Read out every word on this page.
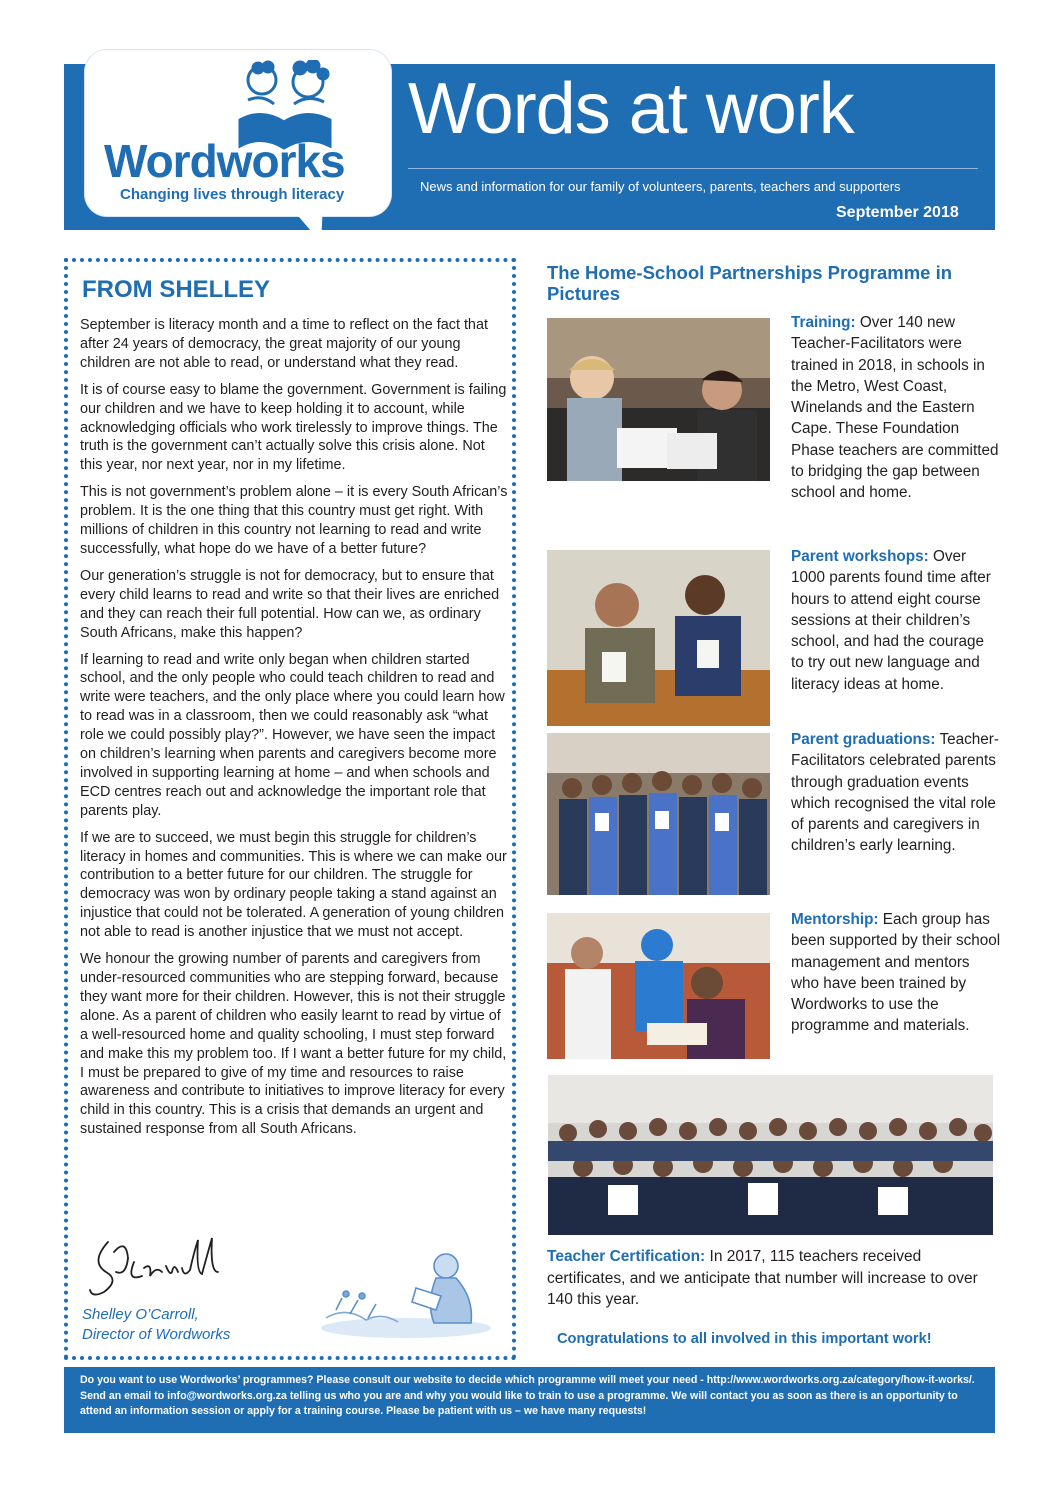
Wordworks
Changing lives through literacy
Words at work
News and information for our family of volunteers, parents, teachers and supporters
September 2018
FROM SHELLEY

September is literacy month and a time to reflect on the fact that after 24 years of democracy, the great majority of our young children are not able to read, or understand what they read.

It is of course easy to blame the government. Government is failing our children and we have to keep holding it to account, while acknowledging officials who work tirelessly to improve things. The truth is the government can’t actually solve this crisis alone. Not this year, nor next year, nor in my lifetime.

This is not government’s problem alone – it is every South African’s problem. It is the one thing that this country must get right. With millions of children in this country not learning to read and write successfully, what hope do we have of a better future?

Our generation’s struggle is not for democracy, but to ensure that every child learns to read and write so that their lives are enriched and they can reach their full potential. How can we, as ordinary South Africans, make this happen?

If learning to read and write only began when children started school, and the only people who could teach children to read and write were teachers, and the only place where you could learn how to read was in a classroom, then we could reasonably ask “what role we could possibly play?”. However, we have seen the impact on children’s learning when parents and caregivers become more involved in supporting learning at home – and when schools and ECD centres reach out and acknowledge the important role that parents play.

If we are to succeed, we must begin this struggle for children’s literacy in homes and communities. This is where we can make our contribution to a better future for our children. The struggle for democracy was won by ordinary people taking a stand against an injustice that could not be tolerated. A generation of young children not able to read is another injustice that we must not accept.

We honour the growing number of parents and caregivers from under-resourced communities who are stepping forward, because they want more for their children. However, this is not their struggle alone. As a parent of children who easily learnt to read by virtue of a well-resourced home and quality schooling, I must step forward and make this my problem too. If I want a better future for my child, I must be prepared to give of my time and resources to raise awareness and contribute to initiatives to improve literacy for every child in this country. This is a crisis that demands an urgent and sustained response from all South Africans.

Shelley O’Carroll,
Director of Wordworks
The Home-School Partnerships Programme in Pictures
Training: Over 140 new Teacher-Facilitators were trained in 2018, in schools in the Metro, West Coast, Winelands and the Eastern Cape. These Foundation Phase teachers are committed to bridging the gap between school and home.
Parent workshops: Over 1000 parents found time after hours to attend eight course sessions at their children’s school, and had the courage to try out new language and literacy ideas at home.
Parent graduations: Teacher-Facilitators celebrated parents through graduation events which recognised the vital role of parents and caregivers in children’s early learning.
Mentorship: Each group has been supported by their school management and mentors who have been trained by Wordworks to use the programme and materials.
Teacher Certification: In 2017, 115 teachers received certificates, and we anticipate that number will increase to over 140 this year.
Congratulations to all involved in this important work!
Do you want to use Wordworks’ programmes? Please consult our website to decide which programme will meet your need - http://www.wordworks.org.za/category/how-it-works/. Send an email to info@wordworks.org.za telling us who you are and why you would like to train to use a programme. We will contact you as soon as there is an opportunity to attend an information session or apply for a training course. Please be patient with us – we have many requests!
